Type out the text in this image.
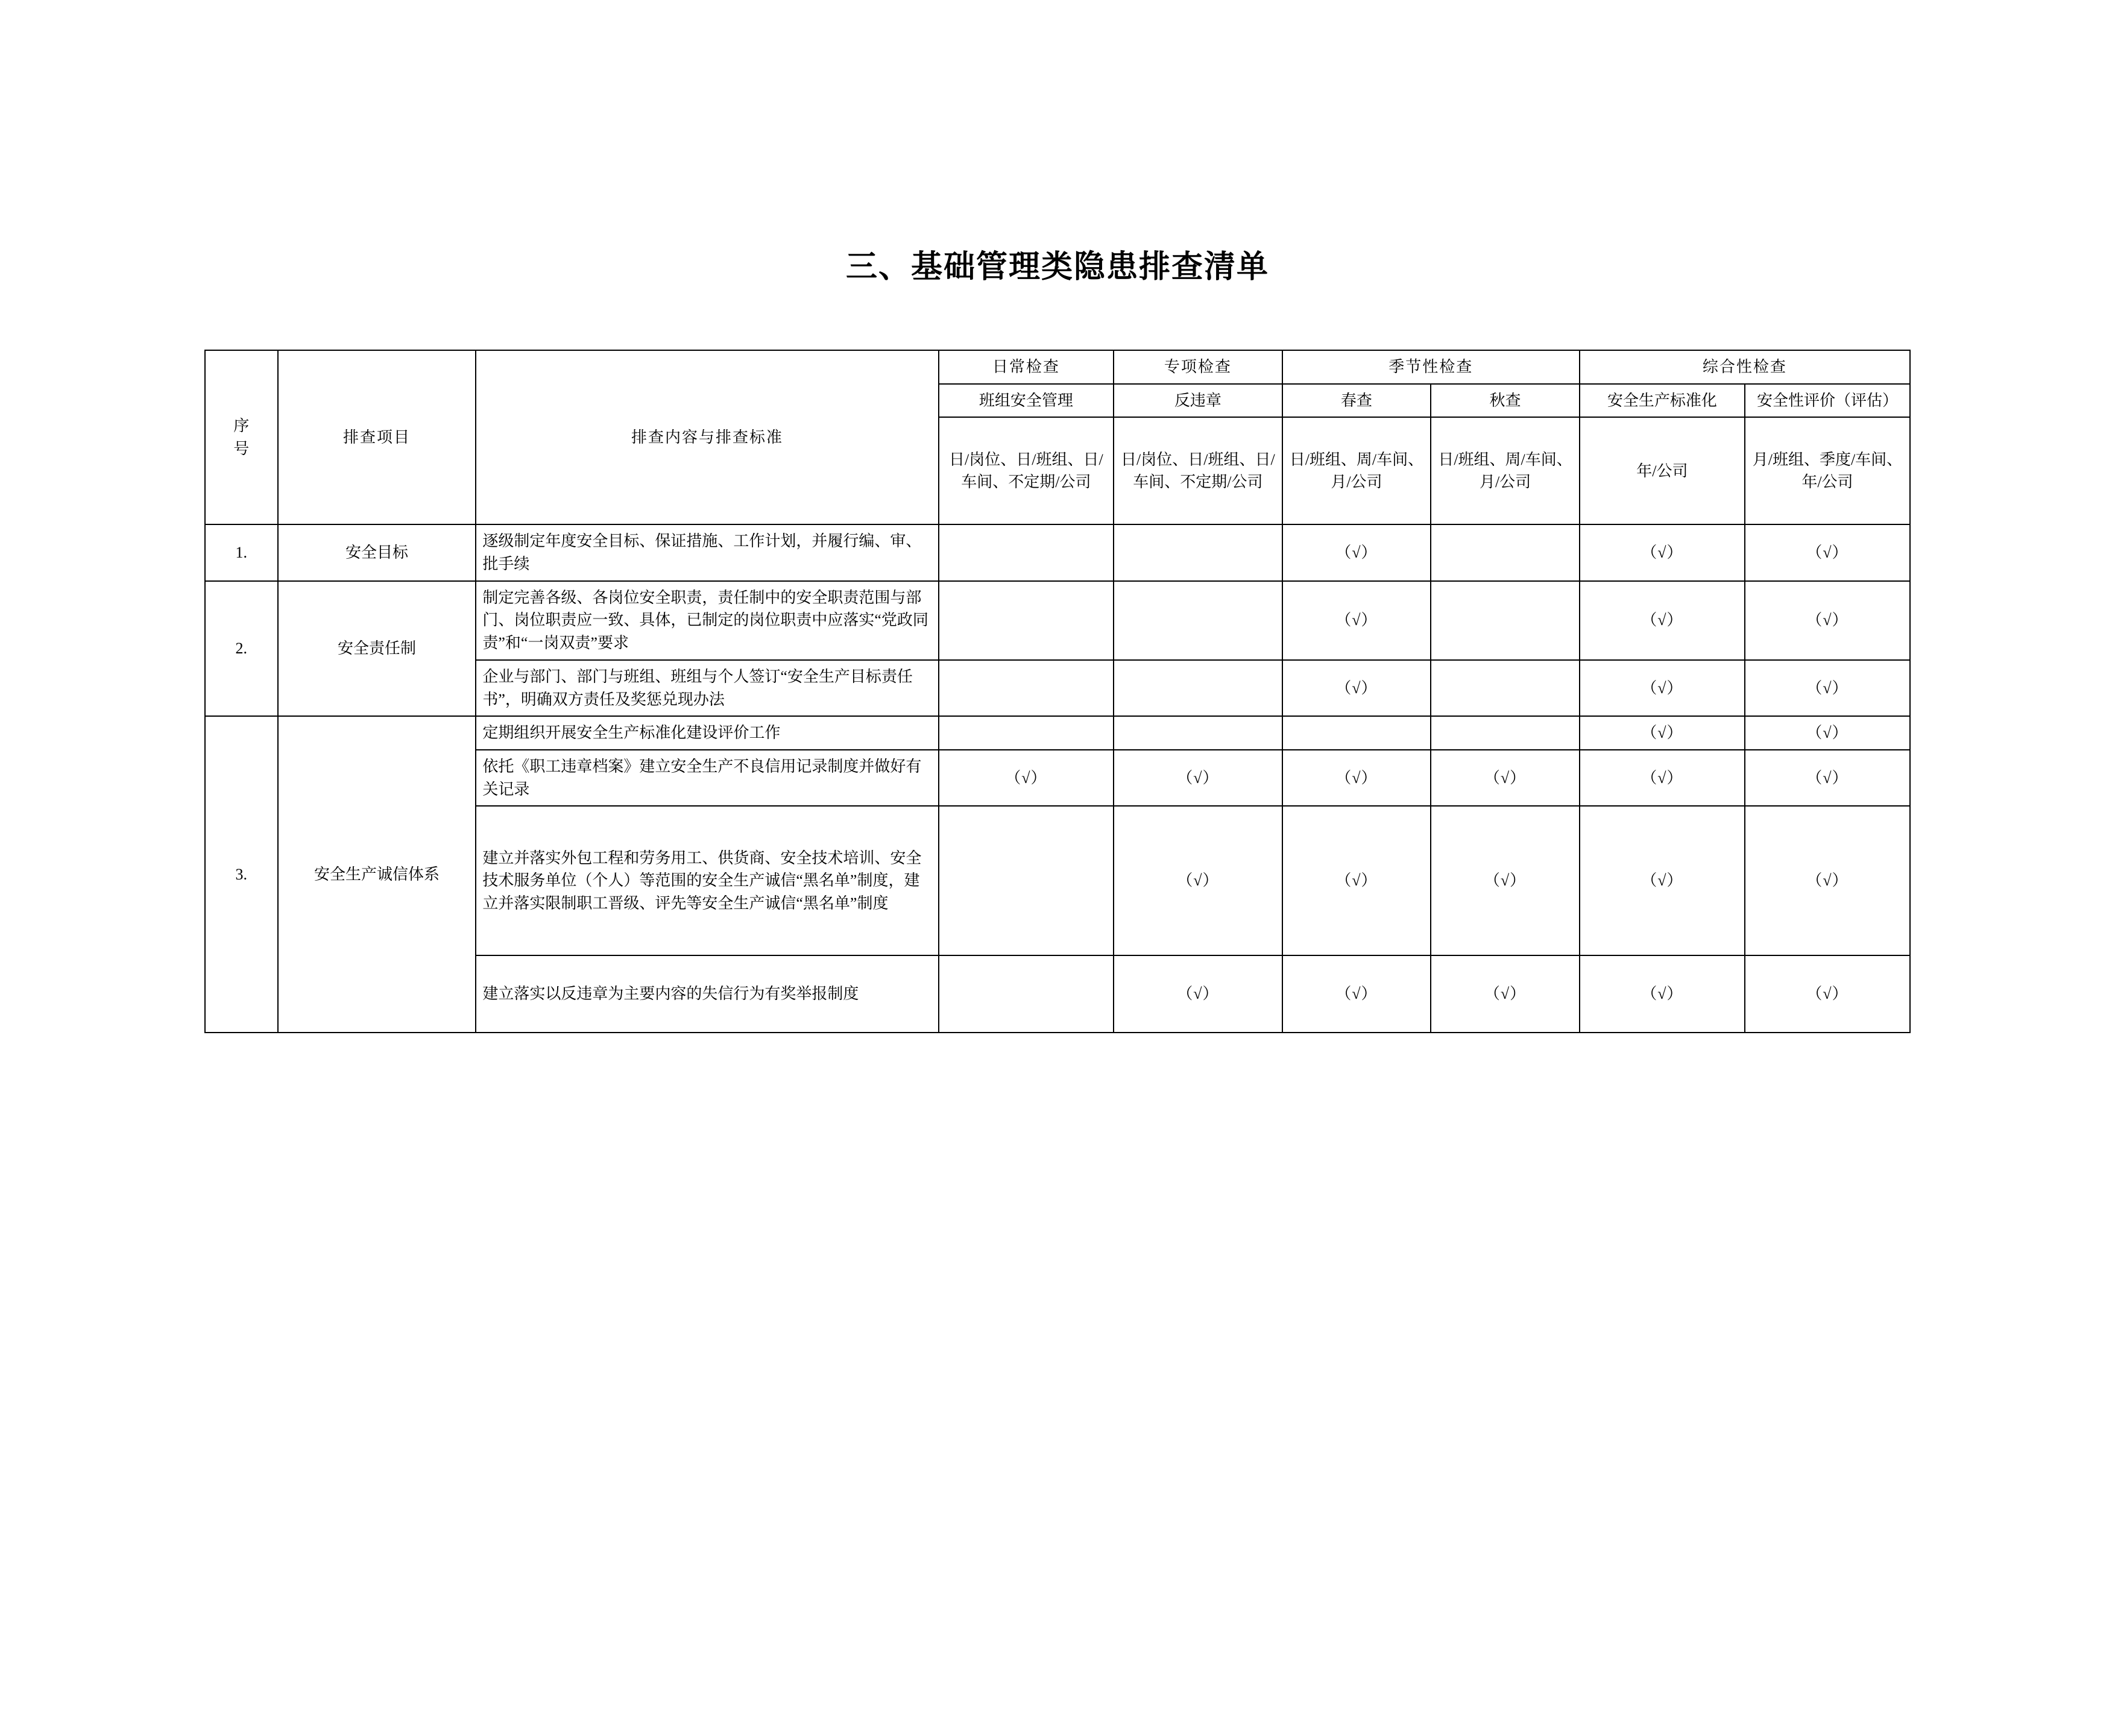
三、基础管理类隐患排查清单
序
号	排查项目	排查内容与排查标准	日常检查	专项检查	季节性检查		综合性检查	
			班组安全管理	反违章	春查	秋查	安全生产标准化	安全性评价（评估）
			日/岗位、日/班组、日/车间、不定期/公司	日/岗位、日/班组、日/车间、不定期/公司	日/班组、周/车间、月/公司	日/班组、周/车间、月/公司	年/公司	月/班组、季度/车间、年/公司
1.	安全目标	逐级制定年度安全目标、保证措施、工作计划，并履行编、审、批手续			（√）		（√）	（√）
2.	安全责任制	制定完善各级、各岗位安全职责，责任制中的安全职责范围与部门、岗位职责应一致、具体，已制定的岗位职责中应落实“党政同责”和“一岗双责”要求			（√）		（√）	（√）
		企业与部门、部门与班组、班组与个人签订“安全生产目标责任书”，明确双方责任及奖惩兑现办法			（√）		（√）	（√）
3.	安全生产诚信体系	定期组织开展安全生产标准化建设评价工作					（√）	（√）
		依托《职工违章档案》建立安全生产不良信用记录制度并做好有关记录	（√）	（√）	（√）	（√）	（√）	（√）
		建立并落实外包工程和劳务用工、供货商、安全技术培训、安全技术服务单位（个人）等范围的安全生产诚信“黑名单”制度，建立并落实限制职工晋级、评先等安全生产诚信“黑名单”制度		（√）	（√）	（√）	（√）	（√）
		建立落实以反违章为主要内容的失信行为有奖举报制度		（√）	（√）	（√）	（√）	（√）
